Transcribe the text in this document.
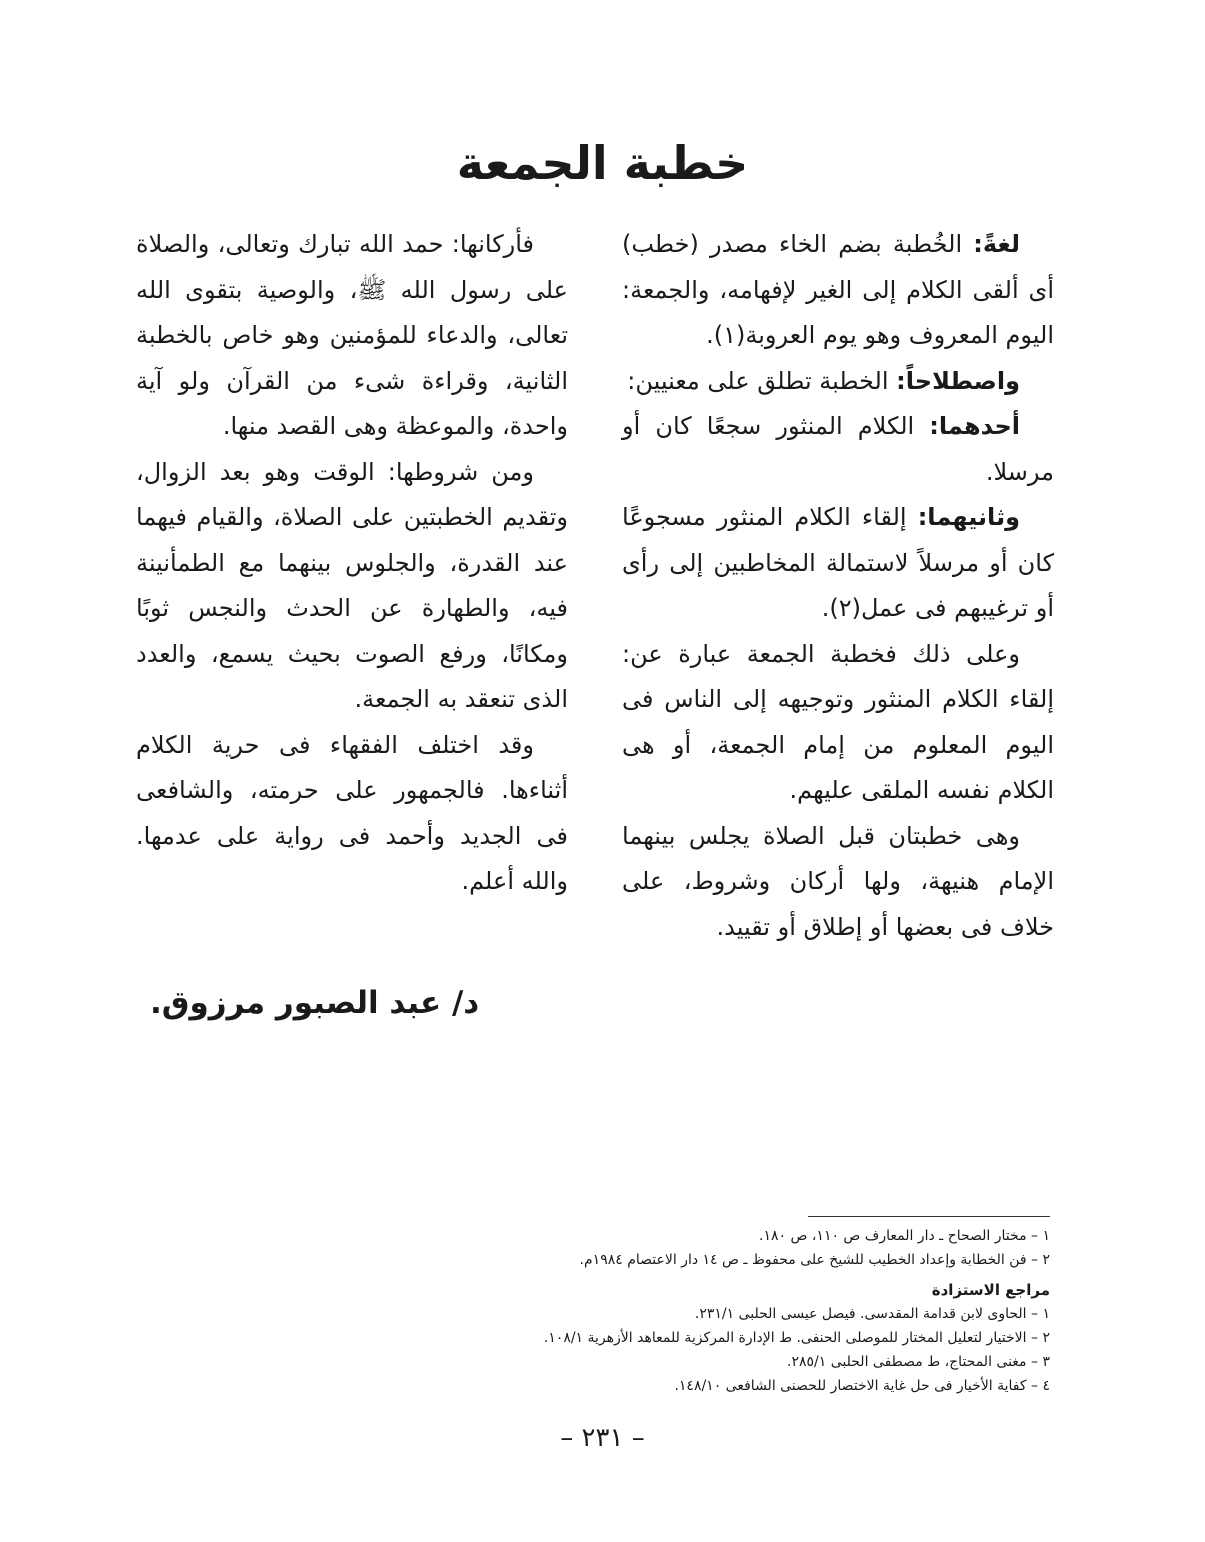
خطبة الجمعة

لغةً: الخُطبة بضم الخاء مصدر (خطب) أى ألقى الكلام إلى الغير لإفهامه، والجمعة: اليوم المعروف وهو يوم العروبة(١).

واصطلاحاً: الخطبة تطلق على معنيين:

أحدهما: الكلام المنثور سجعًا كان أو مرسلا.

وثانيهما: إلقاء الكلام المنثور مسجوعًا كان أو مرسلاً لاستمالة المخاطبين إلى رأى أو ترغيبهم فى عمل(٢).

وعلى ذلك فخطبة الجمعة عبارة عن: إلقاء الكلام المنثور وتوجيهه إلى الناس فى اليوم المعلوم من إمام الجمعة، أو هى الكلام نفسه الملقى عليهم.

وهى خطبتان قبل الصلاة يجلس بينهما الإمام هنيهة، ولها أركان وشروط، على خلاف فى بعضها أو إطلاق أو تقييد.

فأركانها: حمد الله تبارك وتعالى، والصلاة على رسول الله ﷺ، والوصية بتقوى الله تعالى، والدعاء للمؤمنين وهو خاص بالخطبة الثانية، وقراءة شىء من القرآن ولو آية واحدة، والموعظة وهى القصد منها.

ومن شروطها: الوقت وهو بعد الزوال، وتقديم الخطبتين على الصلاة، والقيام فيهما عند القدرة، والجلوس بينهما مع الطمأنينة فيه، والطهارة عن الحدث والنجس ثوبًا ومكانًا، ورفع الصوت بحيث يسمع، والعدد الذى تنعقد به الجمعة.

وقد اختلف الفقهاء فى حرية الكلام أثناءها. فالجمهور على حرمته، والشافعى فى الجديد وأحمد فى رواية على عدمها. والله أعلم.

د/ عبد الصبور مرزوق.
١ – مختار الصحاح ـ دار المعارف ص ١١٠، ص ١٨٠.
٢ – فن الخطابة وإعداد الخطيب للشيخ على محفوظ ـ ص ١٤ دار الاعتصام ١٩٨٤م.
مراجع الاستزادة
١ – الحاوى لابن قدامة المقدسى. فيصل عيسى الحلبى ٢٣١/١.
٢ – الاختيار لتعليل المختار للموصلى الحنفى. ط الإدارة المركزية للمعاهد الأزهرية ١٠٨/١.
٣ – مغنى المحتاج، ط مصطفى الحلبى ٢٨٥/١.
٤ – كفاية الأخيار فى حل غاية الاختصار للحصنى الشافعى ١٤٨/١٠.
– ٢٣١ –
